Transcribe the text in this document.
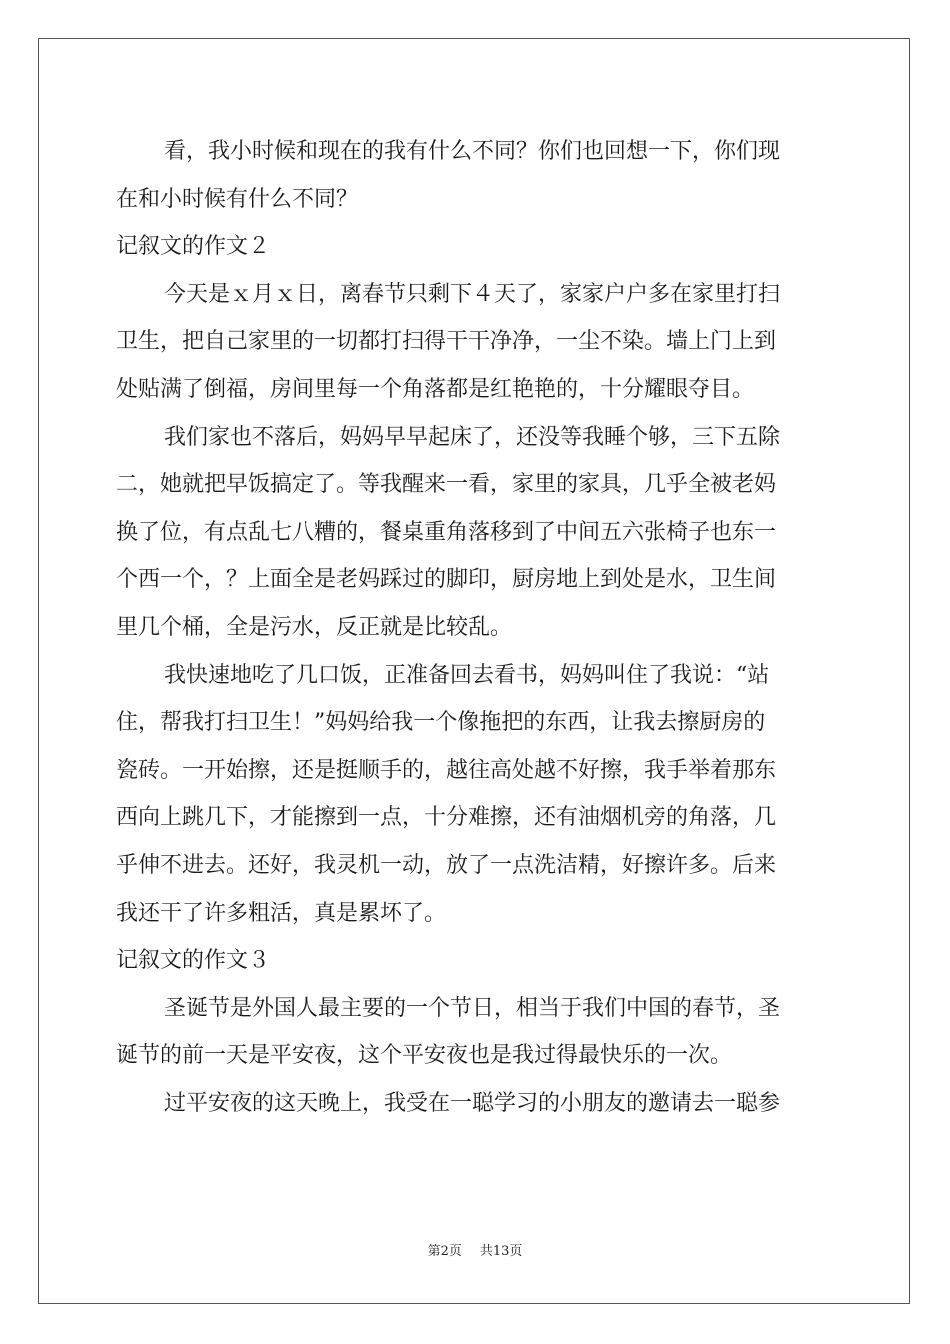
看，我小时候和现在的我有什么不同？你们也回想一下，你们现
在和小时候有什么不同？
记叙文的作文２
今天是ｘ月ｘ日，离春节只剩下４天了，家家户户多在家里打扫
卫生，把自己家里的一切都打扫得干干净净，一尘不染。墙上门上到
处贴满了倒福，房间里每一个角落都是红艳艳的，十分耀眼夺目。
我们家也不落后，妈妈早早起床了，还没等我睡个够，三下五除
二，她就把早饭搞定了。等我醒来一看，家里的家具，几乎全被老妈
换了位，有点乱七八糟的，餐桌重角落移到了中间五六张椅子也东一
个西一个，？上面全是老妈踩过的脚印，厨房地上到处是水，卫生间
里几个桶，全是污水，反正就是比较乱。
我快速地吃了几口饭，正准备回去看书，妈妈叫住了我说：“站
住，帮我打扫卫生！”妈妈给我一个像拖把的东西，让我去擦厨房的
瓷砖。一开始擦，还是挺顺手的，越往高处越不好擦，我手举着那东
西向上跳几下，才能擦到一点，十分难擦，还有油烟机旁的角落，几
乎伸不进去。还好，我灵机一动，放了一点洗洁精，好擦许多。后来
我还干了许多粗活，真是累坏了。
记叙文的作文３
圣诞节是外国人最主要的一个节日，相当于我们中国的春节，圣
诞节的前一天是平安夜，这个平安夜也是我过得最快乐的一次。
过平安夜的这天晚上，我受在一聪学习的小朋友的邀请去一聪参
第2页 共13页
